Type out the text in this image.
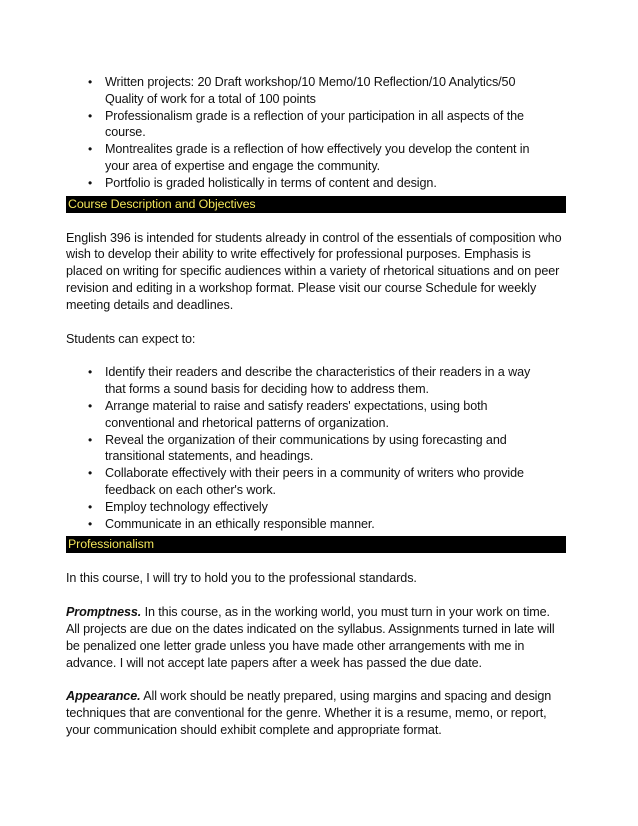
• Written projects: 20 Draft workshop/10 Memo/10 Reflection/10 Analytics/50 Quality of work for a total of 100 points
• Professionalism grade is a reflection of your participation in all aspects of the course.
• Montrealites grade is a reflection of how effectively you develop the content in your area of expertise and engage the community.
• Portfolio is graded holistically in terms of content and design.
Course Description and Objectives

English 396 is intended for students already in control of the essentials of composition who wish to develop their ability to write effectively for professional purposes. Emphasis is placed on writing for specific audiences within a variety of rhetorical situations and on peer revision and editing in a workshop format. Please visit our course Schedule for weekly meeting details and deadlines.

Students can expect to:

• Identify their readers and describe the characteristics of their readers in a way that forms a sound basis for deciding how to address them.
• Arrange material to raise and satisfy readers' expectations, using both conventional and rhetorical patterns of organization.
• Reveal the organization of their communications by using forecasting and transitional statements, and headings.
• Collaborate effectively with their peers in a community of writers who provide feedback on each other's work.
• Employ technology effectively
• Communicate in an ethically responsible manner.
Professionalism

In this course, I will try to hold you to the professional standards.

Promptness. In this course, as in the working world, you must turn in your work on time. All projects are due on the dates indicated on the syllabus. Assignments turned in late will be penalized one letter grade unless you have made other arrangements with me in advance. I will not accept late papers after a week has passed the due date.

Appearance. All work should be neatly prepared, using margins and spacing and design techniques that are conventional for the genre. Whether it is a resume, memo, or report, your communication should exhibit complete and appropriate format.
